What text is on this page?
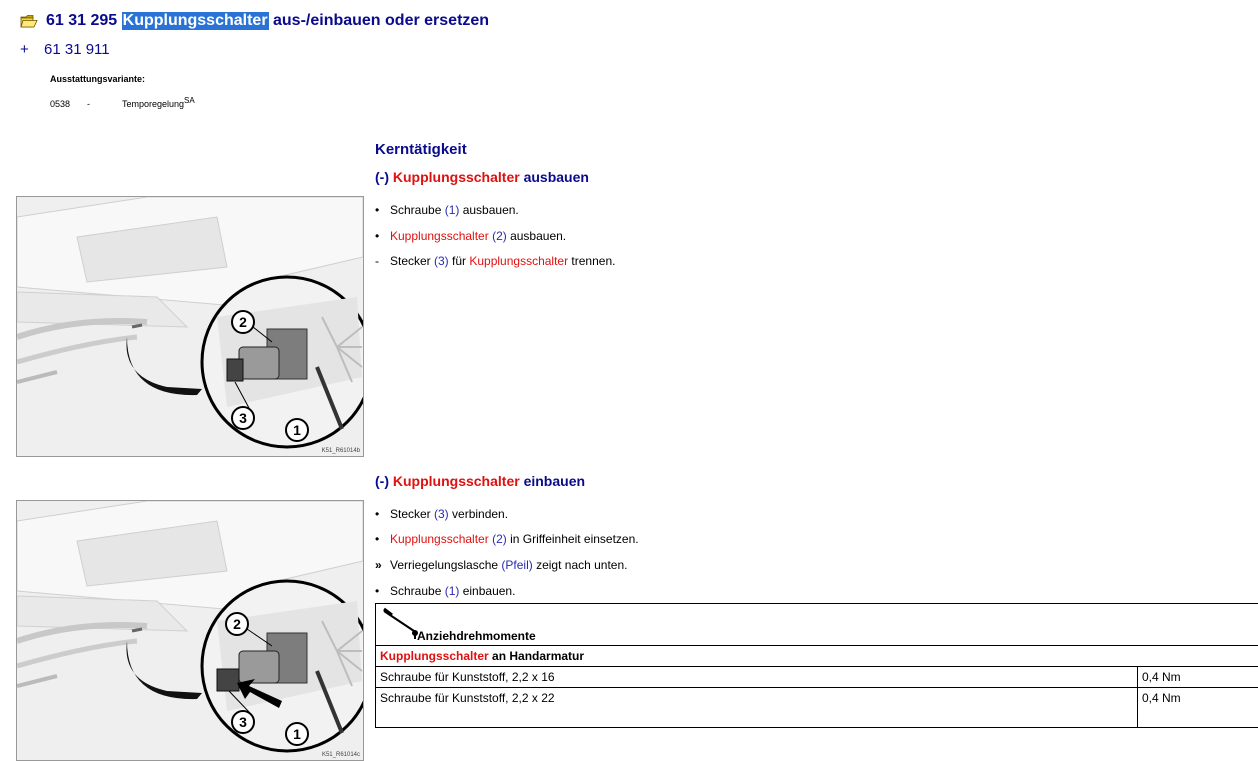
61 31 295
Kupplungsschalter
aus-/einbauen oder ersetzen
+ 61 31 911
Ausstattungsvariante:
0538 -	Temporegelung$^{SA}$
Kerntätigkeit
(-) Kupplungsschalter ausbauen
• Schraube (1) ausbauen.
• Kupplungsschalter
(2) ausbauen.
- Stecker (3) für Kupplungsschalter trennen.
2
3
1
K51_R61014b
(-) Kupplungsschalter einbauen
• Stecker (3) verbinden.
• Kupplungsschalter
(2) in Griffeinheit einsetzen.
» Verriegelungslasche (Pfeil) zeigt nach unten.
• Schraube (1) einbauen.
2
3
1
K51_R61014c
Anziehdrehmomente	
Kupplungsschalter an Handarmatur	
Schraube für Kunststoff, 2,2 x 16	0,4 Nm
Schraube für Kunststoff, 2,2 x 22	0,4 Nm
